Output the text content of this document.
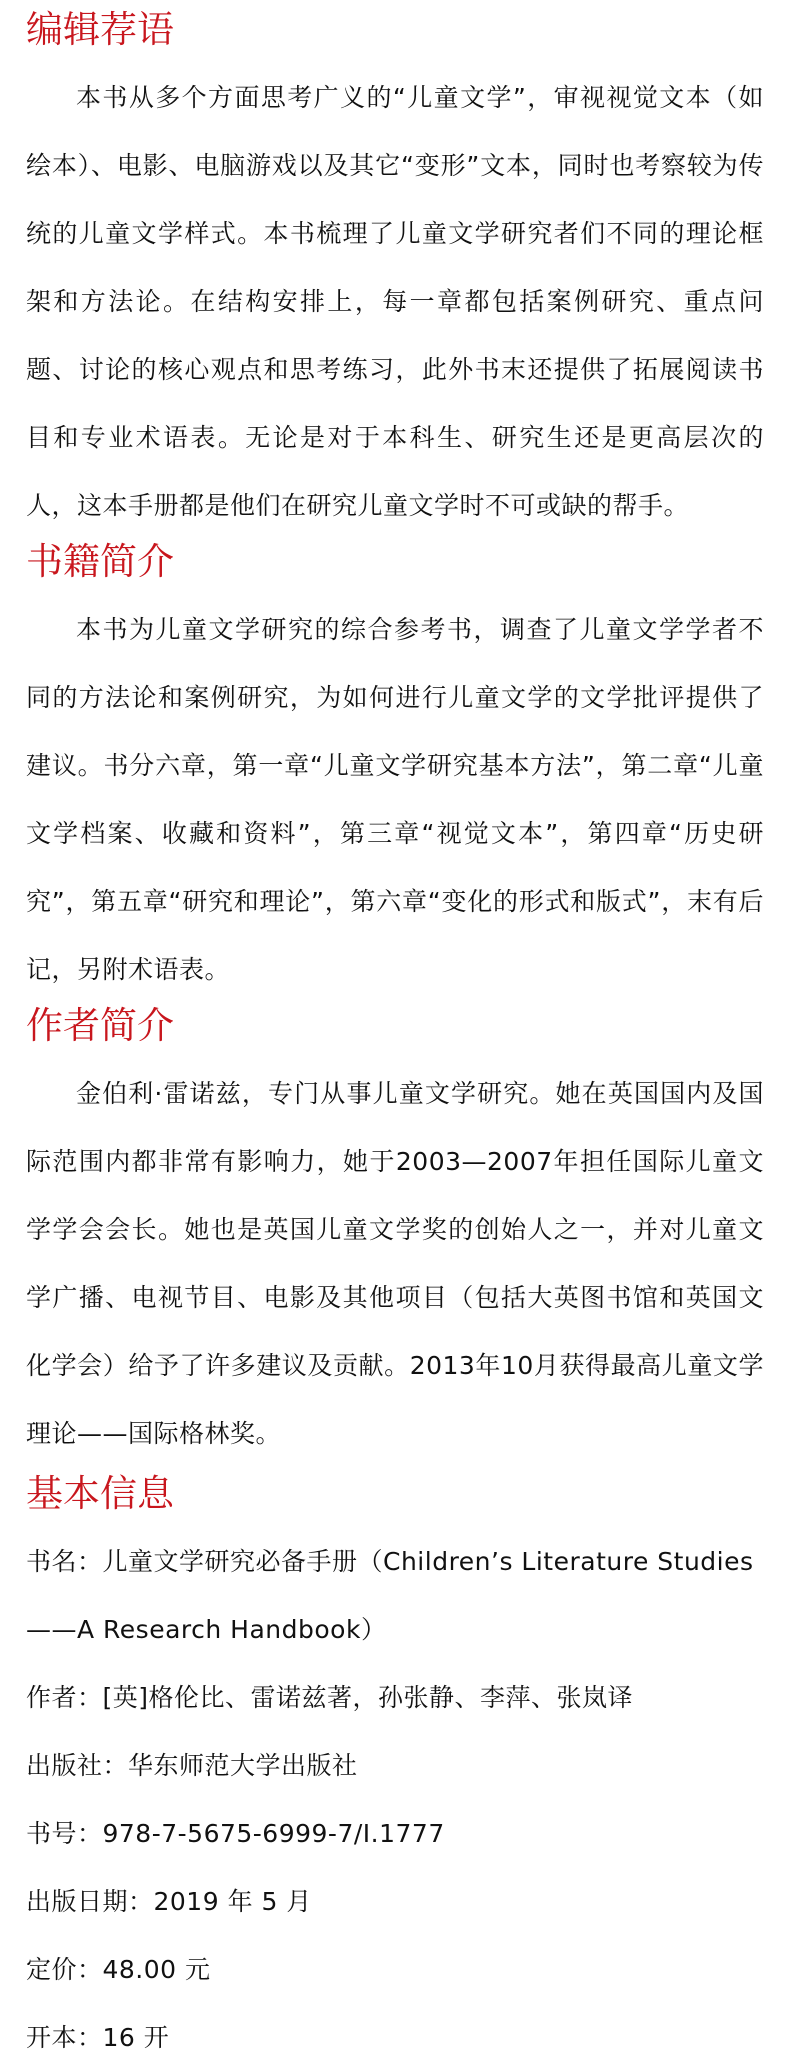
编辑荐语

本书从多个方面思考广义的“儿童文学”，审视视觉文本（如绘本）、电影、电脑游戏以及其它“变形”文本，同时也考察较为传统的儿童文学样式。本书梳理了儿童文学研究者们不同的理论框架和方法论。在结构安排上，每一章都包括案例研究、重点问题、讨论的核心观点和思考练习，此外书末还提供了拓展阅读书目和专业术语表。无论是对于本科生、研究生还是更高层次的人，这本手册都是他们在研究儿童文学时不可或缺的帮手。

书籍简介

本书为儿童文学研究的综合参考书，调查了儿童文学学者不同的方法论和案例研究，为如何进行儿童文学的文学批评提供了建议。书分六章，第一章“儿童文学研究基本方法”，第二章“儿童文学档案、收藏和资料”，第三章“视觉文本”，第四章“历史研究”，第五章“研究和理论”，第六章“变化的形式和版式”，末有后记，另附术语表。

作者简介

金伯利·雷诺兹，专门从事儿童文学研究。她在英国国内及国际范围内都非常有影响力，她于2003—2007年担任国际儿童文学学会会长。她也是英国儿童文学奖的创始人之一，并对儿童文学广播、电视节目、电影及其他项目（包括大英图书馆和英国文化学会）给予了许多建议及贡献。2013年10月获得最高儿童文学理论——国际格林奖。

基本信息

书名：儿童文学研究必备手册（Children’s Literature Studies——A Research Handbook）

作者：[英]格伦比、雷诺兹著，孙张静、李萍、张岚译

出版社：华东师范大学出版社

书号：978-7-5675-6999-7/I.1777

出版日期：2019 年 5 月

定价：48.00 元

开本：16 开
